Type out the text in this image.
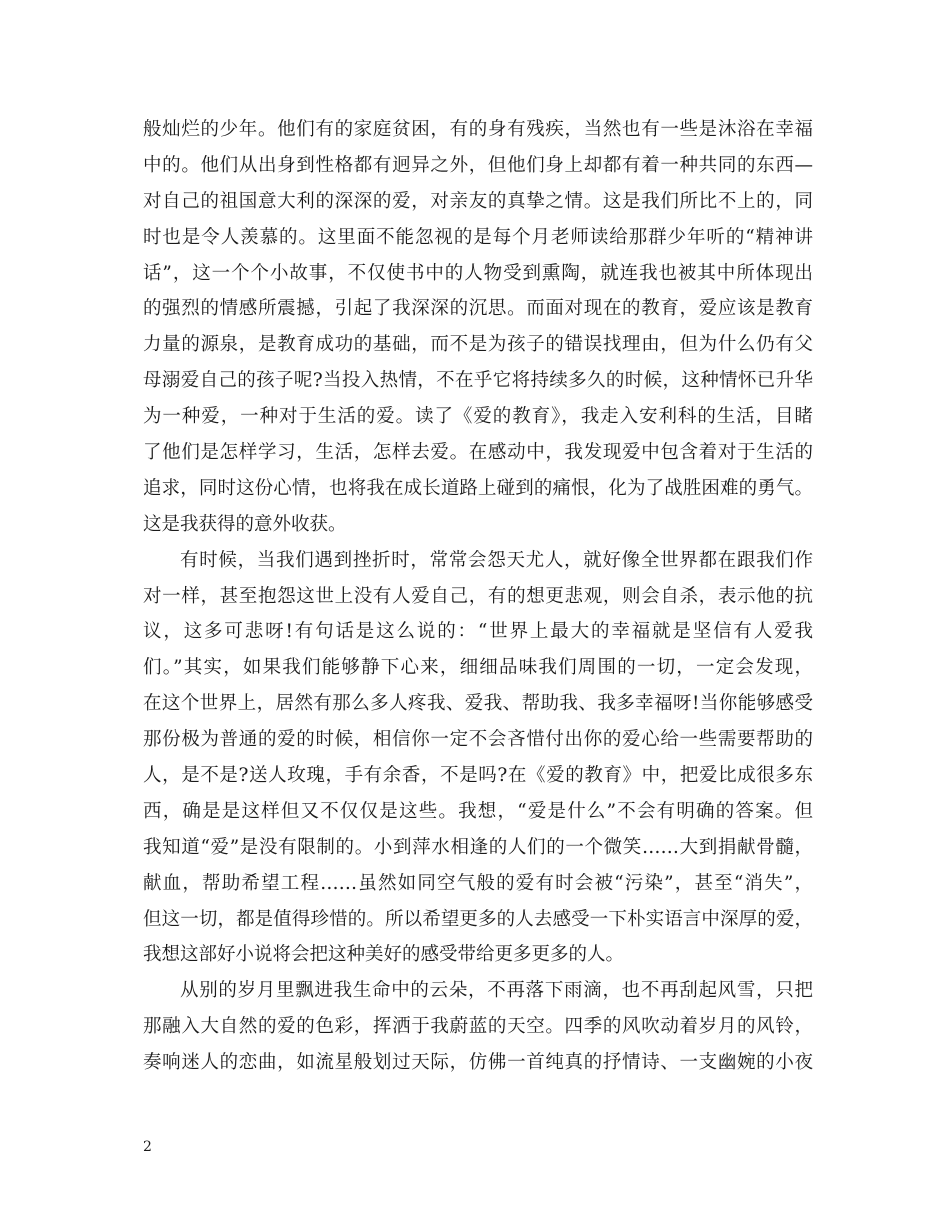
般灿烂的少年。他们有的家庭贫困，有的身有残疾，当然也有一些是沐浴在幸福
中的。他们从出身到性格都有迥异之外，但他们身上却都有着一种共同的东西—
对自己的祖国意大利的深深的爱，对亲友的真挚之情。这是我们所比不上的，同
时也是令人羡慕的。这里面不能忽视的是每个月老师读给那群少年听的“精神讲
话”，这一个个小故事，不仅使书中的人物受到熏陶，就连我也被其中所体现出
的强烈的情感所震撼，引起了我深深的沉思。而面对现在的教育，爱应该是教育
力量的源泉，是教育成功的基础，而不是为孩子的错误找理由，但为什么仍有父
母溺爱自己的孩子呢?当投入热情，不在乎它将持续多久的时候，这种情怀已升华
为一种爱，一种对于生活的爱。读了《爱的教育》，我走入安利科的生活，目睹
了他们是怎样学习，生活，怎样去爱。在感动中，我发现爱中包含着对于生活的
追求，同时这份心情，也将我在成长道路上碰到的痛恨，化为了战胜困难的勇气。
这是我获得的意外收获。
有时候，当我们遇到挫折时，常常会怨天尤人，就好像全世界都在跟我们作
对一样，甚至抱怨这世上没有人爱自己，有的想更悲观，则会自杀，表示他的抗
议，这多可悲呀!有句话是这么说的：“世界上最大的幸福就是坚信有人爱我
们。”其实，如果我们能够静下心来，细细品味我们周围的一切，一定会发现，
在这个世界上，居然有那么多人疼我、爱我、帮助我、我多幸福呀!当你能够感受
那份极为普通的爱的时候，相信你一定不会吝惜付出你的爱心给一些需要帮助的
人，是不是?送人玫瑰，手有余香，不是吗?在《爱的教育》中，把爱比成很多东
西，确是是这样但又不仅仅是这些。我想，“爱是什么”不会有明确的答案。但
我知道“爱”是没有限制的。小到萍水相逢的人们的一个微笑……大到捐献骨髓，
献血，帮助希望工程……虽然如同空气般的爱有时会被“污染”，甚至“消失”，
但这一切，都是值得珍惜的。所以希望更多的人去感受一下朴实语言中深厚的爱，
我想这部好小说将会把这种美好的感受带给更多更多的人。
从别的岁月里飘进我生命中的云朵，不再落下雨滴，也不再刮起风雪，只把
那融入大自然的爱的色彩，挥洒于我蔚蓝的天空。四季的风吹动着岁月的风铃，
奏响迷人的恋曲，如流星般划过天际，仿佛一首纯真的抒情诗、一支幽婉的小夜
2
